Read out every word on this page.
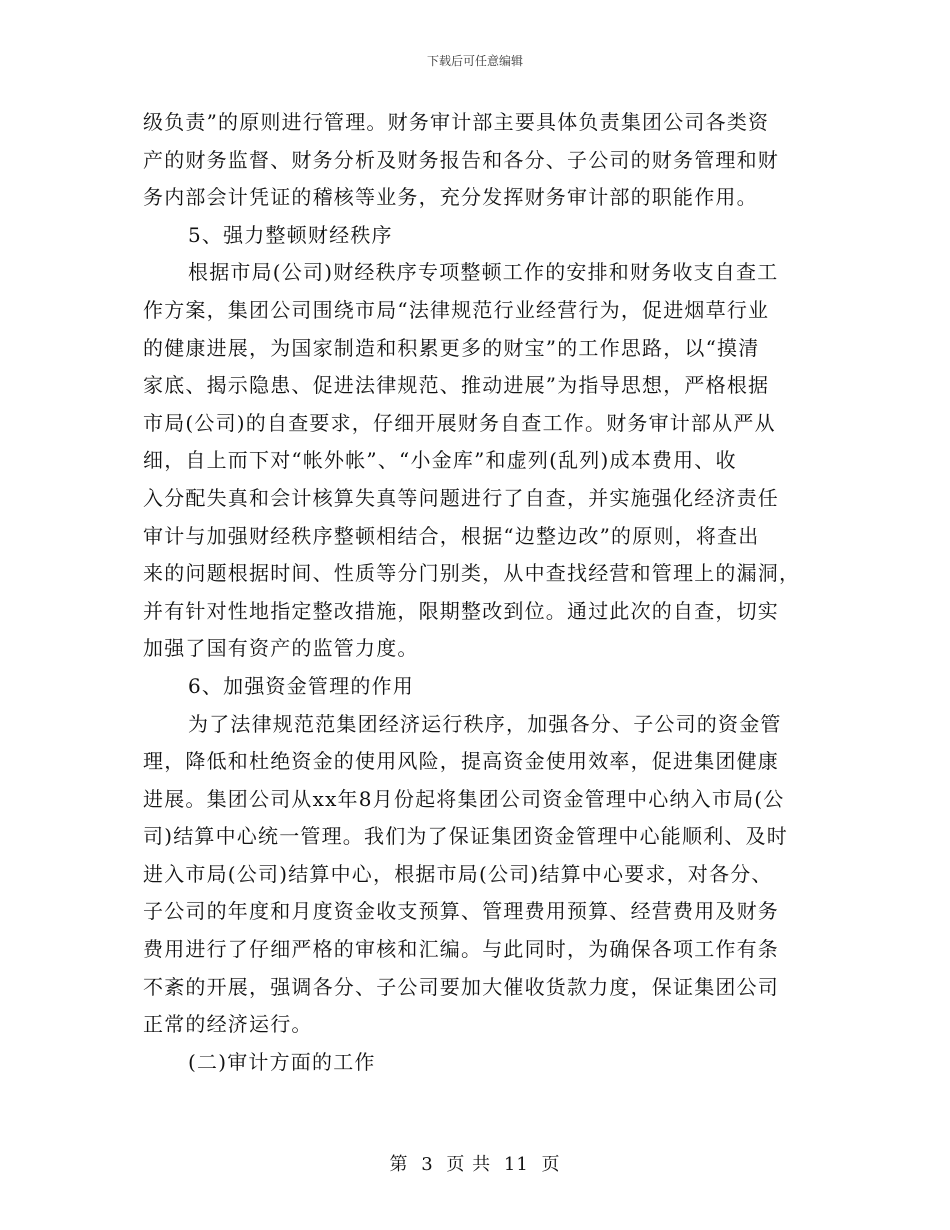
下载后可任意编辑
级负责”的原则进行管理。财务审计部主要具体负责集团公司各类资
产的财务监督、财务分析及财务报告和各分、子公司的财务管理和财
务内部会计凭证的稽核等业务，充分发挥财务审计部的职能作用。
5、强力整顿财经秩序
根据市局(公司)财经秩序专项整顿工作的安排和财务收支自查工
作方案，集团公司围绕市局“法律规范行业经营行为，促进烟草行业
的健康进展，为国家制造和积累更多的财宝”的工作思路，以“摸清
家底、揭示隐患、促进法律规范、推动进展”为指导思想，严格根据
市局(公司)的自查要求，仔细开展财务自查工作。财务审计部从严从
细，自上而下对“帐外帐”、“小金库”和虚列(乱列)成本费用、收
入分配失真和会计核算失真等问题进行了自查，并实施强化经济责任
审计与加强财经秩序整顿相结合，根据“边整边改”的原则，将查出
来的问题根据时间、性质等分门别类，从中查找经营和管理上的漏洞，
并有针对性地指定整改措施，限期整改到位。通过此次的自查，切实
加强了国有资产的监管力度。
6、加强资金管理的作用
为了法律规范范集团经济运行秩序，加强各分、子公司的资金管
理，降低和杜绝资金的使用风险，提高资金使用效率，促进集团健康
进展。集团公司从xx年8月份起将集团公司资金管理中心纳入市局(公
司)结算中心统一管理。我们为了保证集团资金管理中心能顺利、及时
进入市局(公司)结算中心，根据市局(公司)结算中心要求，对各分、
子公司的年度和月度资金收支预算、管理费用预算、经营费用及财务
费用进行了仔细严格的审核和汇编。与此同时，为确保各项工作有条
不紊的开展，强调各分、子公司要加大催收货款力度，保证集团公司
正常的经济运行。
(二)审计方面的工作
第 3 页 共 11 页
